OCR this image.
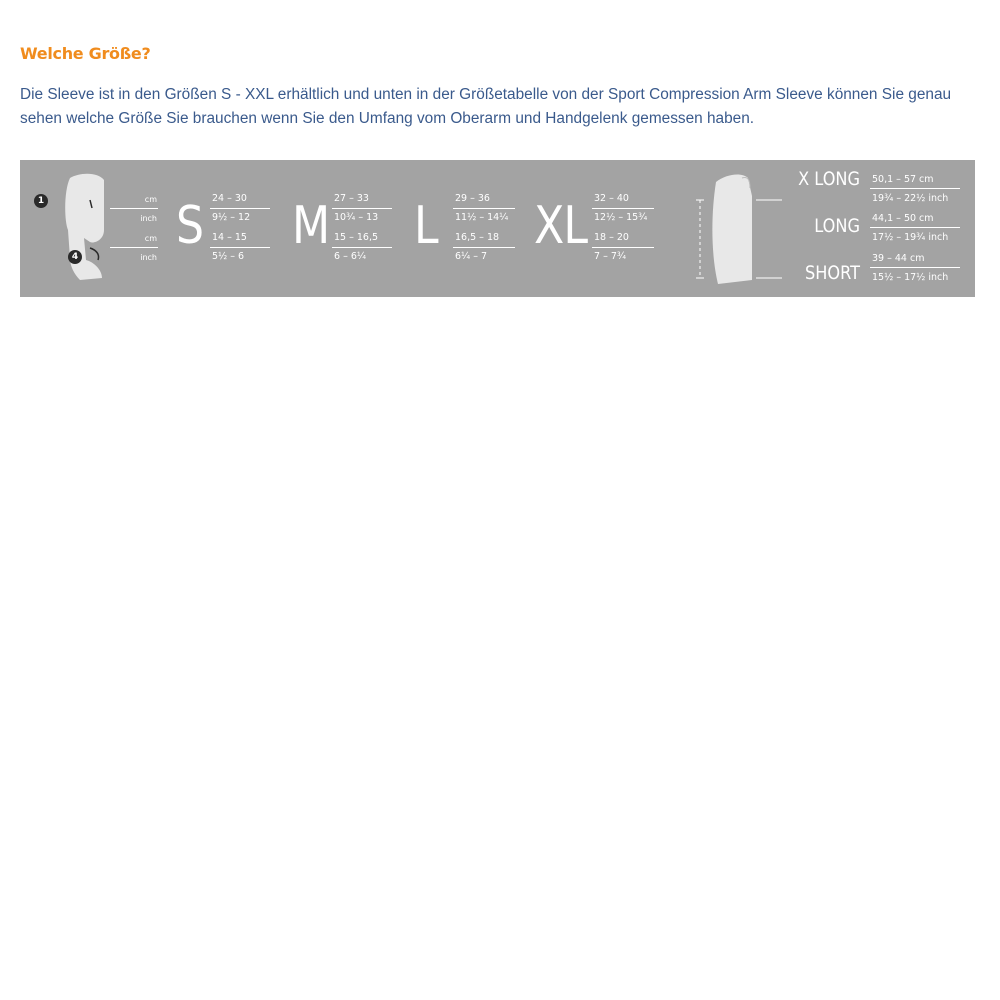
Welche Größe?

Die Sleeve ist in den Größen S - XXL erhältlich und unten in der Größetabelle von der Sport Compression Arm Sleeve können Sie genau sehen welche Größe Sie brauchen wenn Sie den Umfang vom Oberarm und Handgelenk gemessen haben.

1
4
cm
inch
cm
inch
S 24 – 30
9½ – 12
14 – 15
5½ – 6
M 27 – 33
10¾ – 13
15 – 16,5
6 – 6¼
L 29 – 36
11½ – 14¼
16,5 – 18
6¼ – 7
XL 32 – 40
12½ – 15¾
18 – 20
7 – 7¾
X LONG 50,1 – 57 cm
19¾ – 22½ inch
LONG 44,1 – 50 cm
17½ – 19¾ inch
SHORT
39 – 44 cm
15½ – 17½ inch
